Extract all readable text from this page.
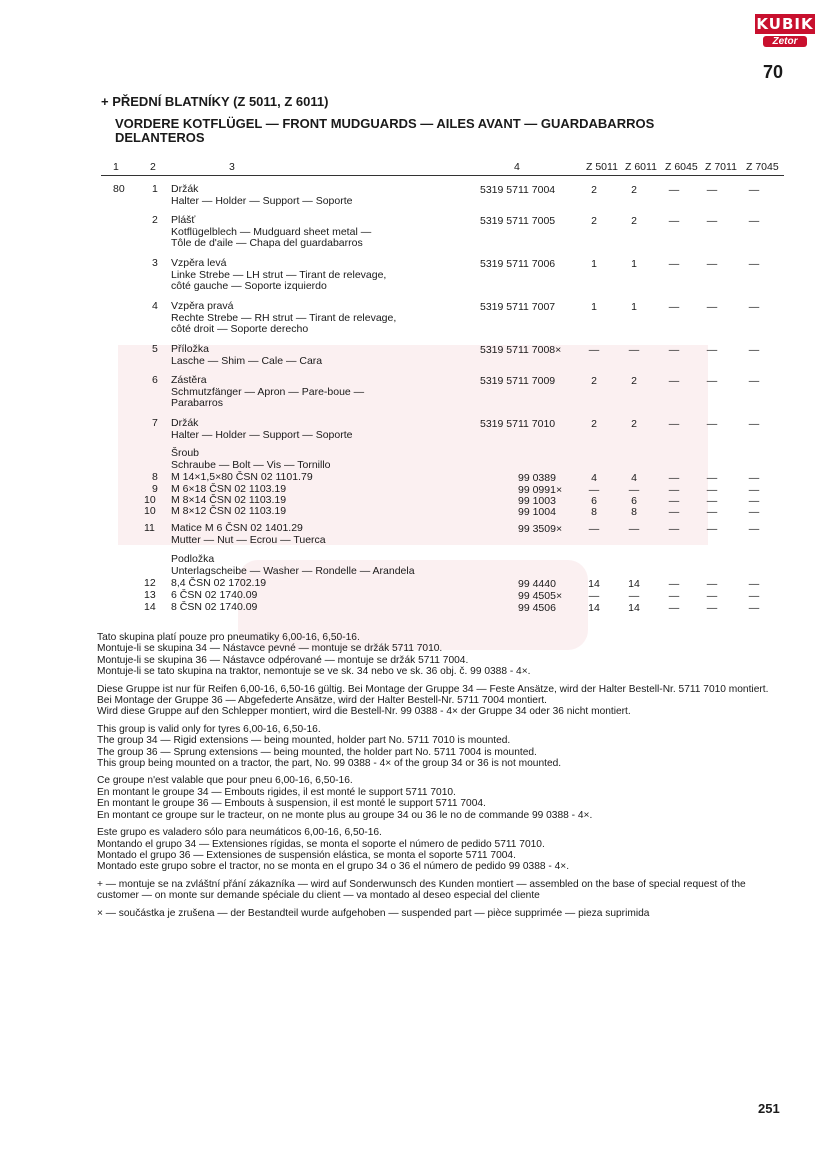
KUBIK
Zetor
70
+ PŘEDNÍ BLATNÍKY (Z 5011, Z 6011)
VORDERE KOTFLÜGEL — FRONT MUDGUARDS — AILES AVANT — GUARDABARROS DELANTEROS
1	2	3	4	Z 5011 Z 6011 Z 6045 Z 7011 Z 7045
80	1 Držák
Halter — Holder — Support — Soporte
5319 5711 7004	2	2	—	—	—
2 Plášť
Kotflügelblech — Mudguard sheet metal —
Tôle de d'aile — Chapa del guardabarros
5319 5711 7005	2	2	—	—	—
3 Vzpěra levá
Linke Strebe — LH strut — Tirant de relevage,
côté gauche — Soporte izquierdo
5319 5711 7006	1	1	—	—	—
4 Vzpěra pravá
Rechte Strebe — RH strut — Tirant de relevage,
côté droit — Soporte derecho
5319 5711 7007	1	1	—	—	—
5 Příložka
Lasche — Shim — Cale — Cara
5319 5711 7008×	—	—	—	—	—
6 Zástěra
Schmutzfänger — Apron — Pare-boue —
Parabarros
5319 5711 7009	2	2	—	—	—
7 Držák
Halter — Holder — Support — Soporte
5319 5711 7010	2	2	—	—	—
Šroub
Schraube — Bolt — Vis — Tornillo
8 M 14×1,5×80 ČSN 02 1101.79	99 0389	4	4	—	—	—
9 M 6×18 ČSN 02 1103.19	99 0991×	—	—	—	—	—
10 M 8×14 ČSN 02 1103.19	99 1003	6	6	—	—	—
10 M 8×12 ČSN 02 1103.19	99 1004	8	8	—	—	—
11 Matice M 6 ČSN 02 1401.29
Mutter — Nut — Ecrou — Tuerca
99 3509×	—	—	—	—	—
Podložka
Unterlagscheibe — Washer — Rondelle — Arandela
12 8,4 ČSN 02 1702.19	99 4440	14	14	—	—	—
13 6 ČSN 02 1740.09	99 4505×	—	—	—	—	—
14 8 ČSN 02 1740.09	99 4506	14	14	—	—	—
Tato skupina platí pouze pro pneumatiky 6,00-16, 6,50-16.
Montuje-li se skupina 34 — Nástavce pevné — montuje se držák 5711 7010.
Montuje-li se skupina 36 — Nástavce odpérované — montuje se držák 5711 7004.
Montuje-li se tato skupina na traktor, nemontuje se ve sk. 34 nebo ve sk. 36 obj. č. 99 0388 - 4×.
Diese Gruppe ist nur für Reifen 6,00-16, 6,50-16 gültig. Bei Montage der Gruppe 34 — Feste Ansätze, wird der Halter Bestell-Nr. 5711 7010 montiert.
Bei Montage der Gruppe 36 — Abgefederte Ansätze, wird der Halter Bestell-Nr. 5711 7004 montiert.
Wird diese Gruppe auf den Schlepper montiert, wird die Bestell-Nr. 99 0388 - 4× der Gruppe 34 oder 36 nicht montiert.
This group is valid only for tyres 6,00-16, 6,50-16.
The group 34 — Rigid extensions — being mounted, holder part No. 5711 7010 is mounted.
The group 36 — Sprung extensions — being mounted, the holder part No. 5711 7004 is mounted.
This group being mounted on a tractor, the part, No. 99 0388 - 4× of the group 34 or 36 is not mounted.
Ce groupe n'est valable que pour pneu 6,00-16, 6,50-16.
En montant le groupe 34 — Embouts rigides, il est monté le support 5711 7010.
En montant le groupe 36 — Embouts à suspension, il est monté le support 5711 7004.
En montant ce groupe sur le tracteur, on ne monte plus au groupe 34 ou 36 le no de commande 99 0388 - 4×.
Este grupo es valadero sólo para neumáticos 6,00-16, 6,50-16.
Montando el grupo 34 — Extensiones rígidas, se monta el soporte el número de pedido 5711 7010.
Montado el grupo 36 — Extensiones de suspensión elástica, se monta el soporte 5711 7004.
Montado este grupo sobre el tractor, no se monta en el grupo 34 o 36 el número de pedido 99 0388 - 4×.
+ — montuje se na zvláštní přání zákazníka — wird auf Sonderwunsch des Kunden montiert — assembled on the base of special request of the customer — on monte sur demande spéciale du client — va montado al deseo especial del cliente
× — součástka je zrušena — der Bestandteil wurde aufgehoben — suspended part — pièce supprimée — pieza suprimida
251
